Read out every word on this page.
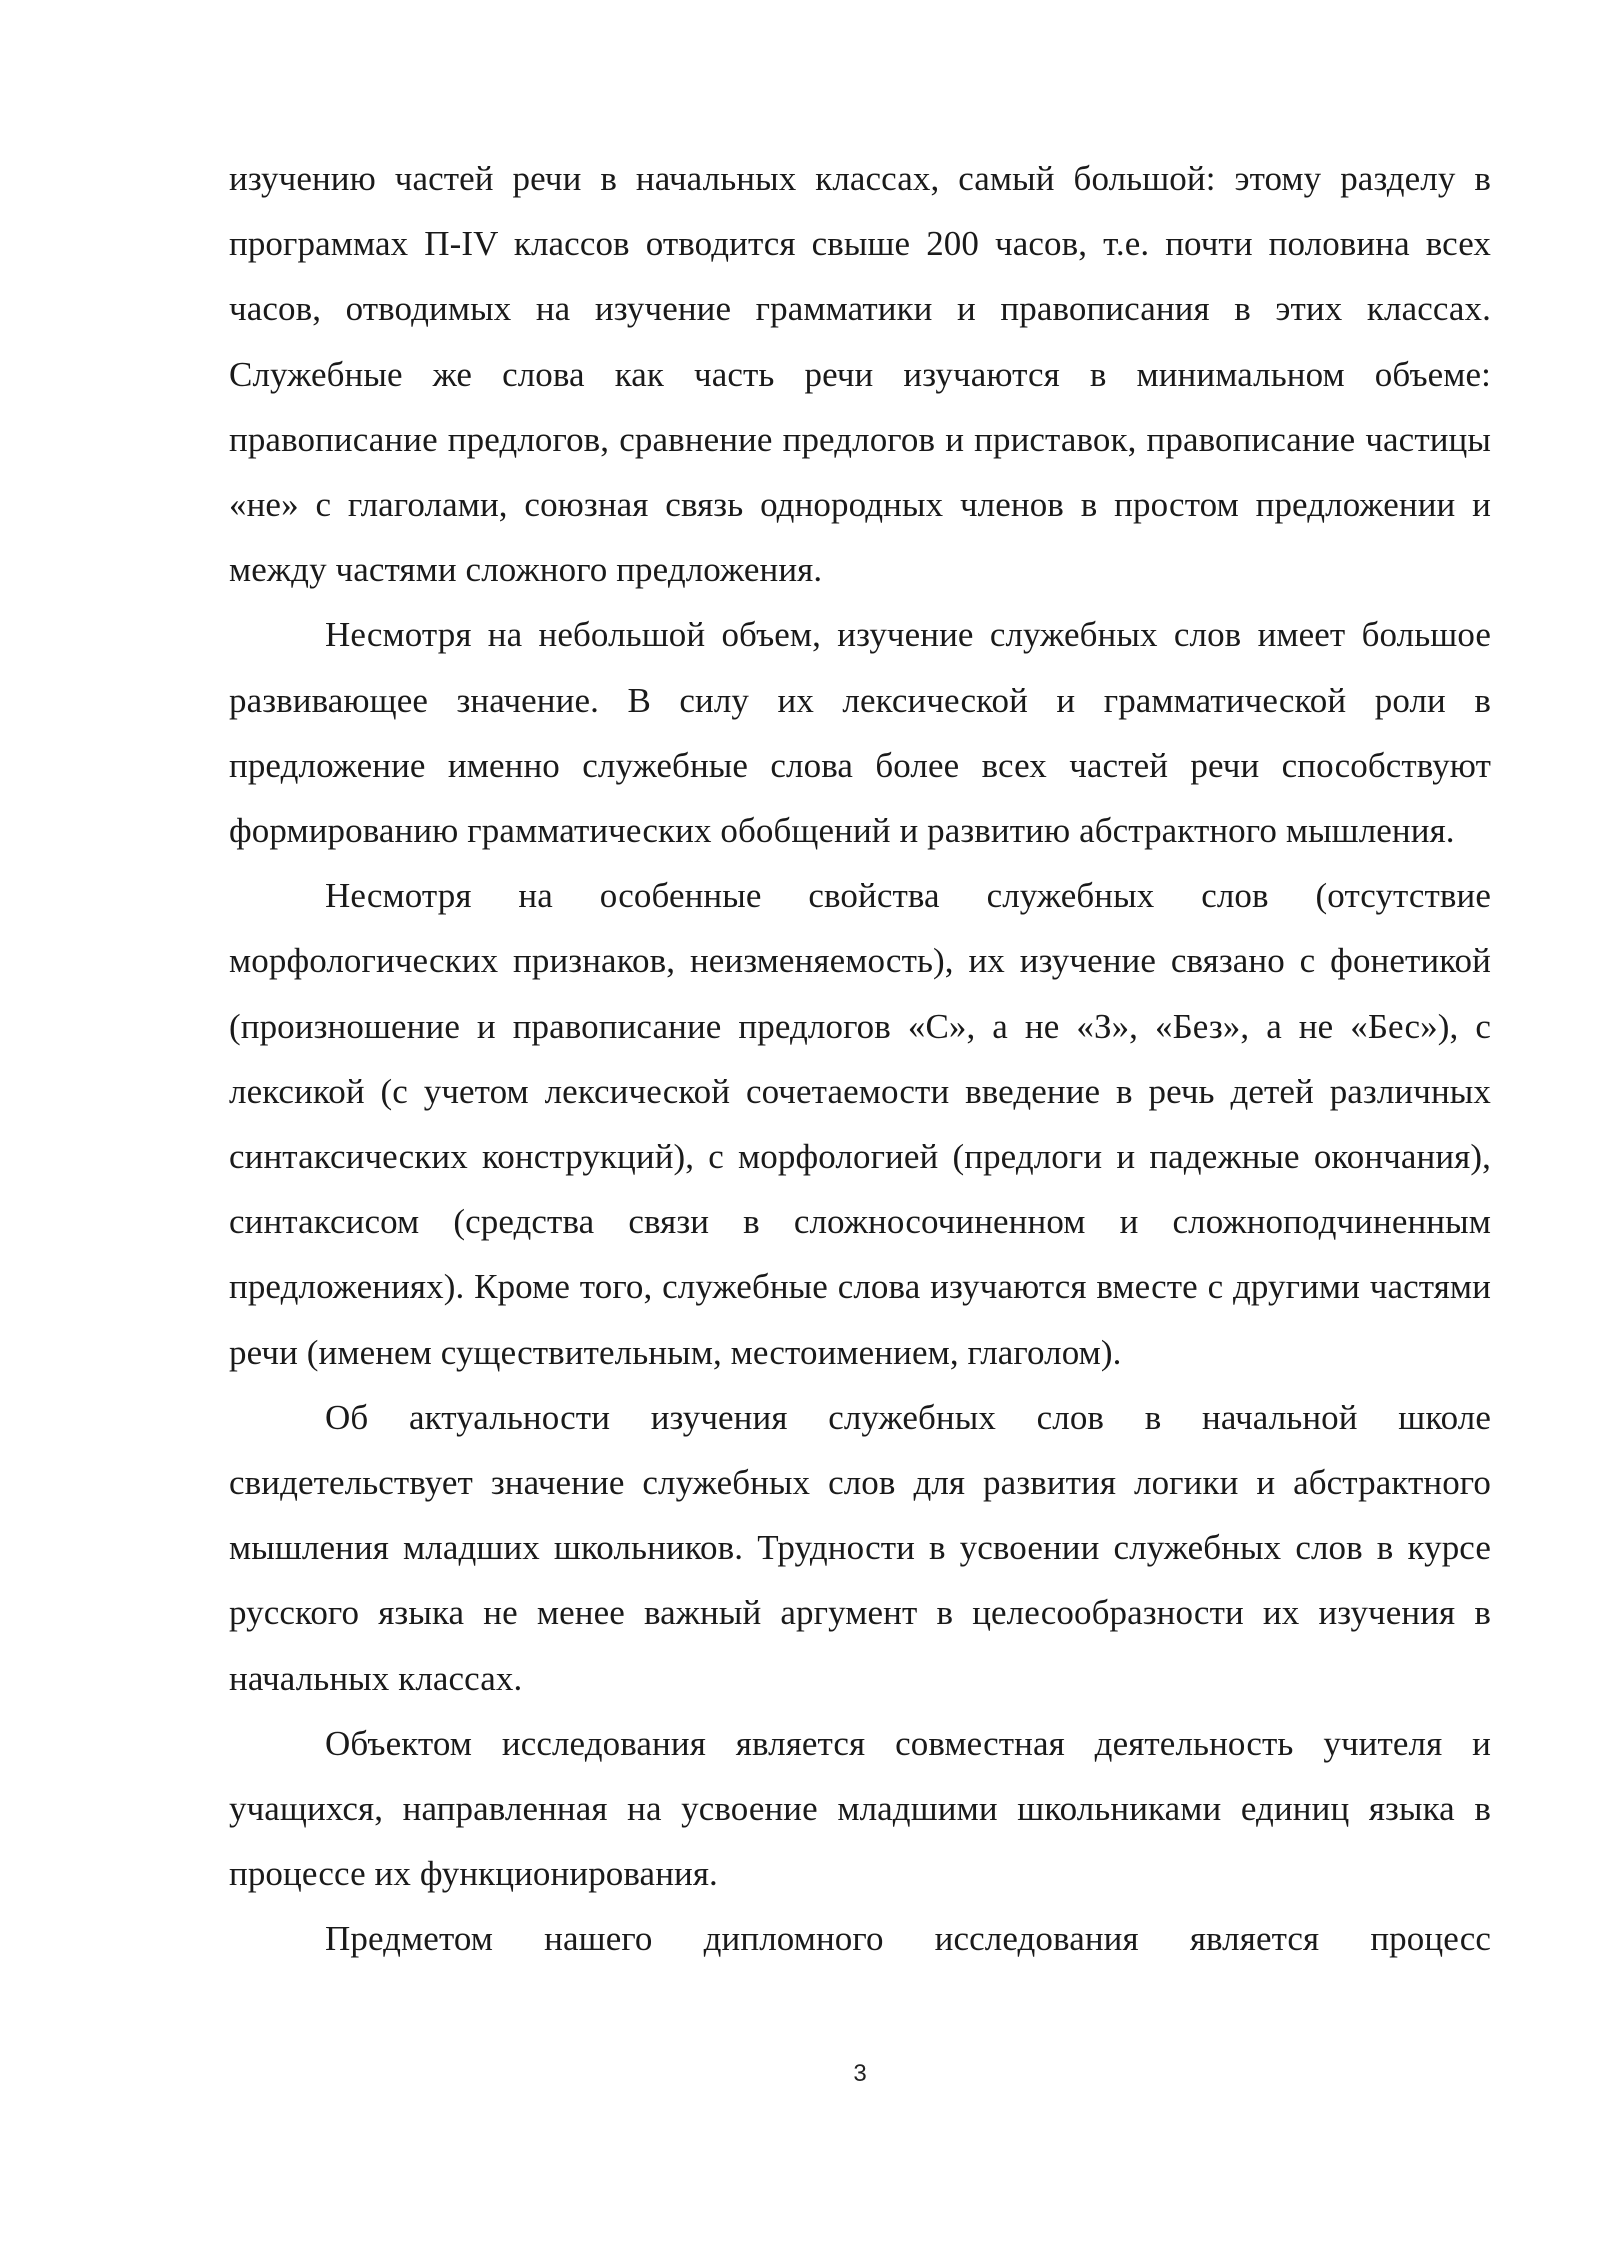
изучению частей речи в начальных классах, самый большой: этому разделу в программах П-IV классов отводится свыше 200 часов, т.е. почти половина всех часов, отводимых на изучение грамматики и правописания в этих классах. Служебные же слова как часть речи изучаются в минимальном объеме: правописание предлогов, сравнение предлогов и приставок, правописание частицы «не» с глаголами, союзная связь однородных членов в простом предложении и между частями сложного предложения.

Несмотря на небольшой объем, изучение служебных слов имеет большое развивающее значение. В силу их лексической и грамматической роли в предложение именно служебные слова более всех частей речи способствуют формированию грамматических обобщений и развитию абстрактного мышления.

Несмотря на особенные свойства служебных слов (отсутствие морфологических признаков, неизменяемость), их изучение связано с фонетикой (произношение и правописание предлогов «С», а не «З», «Без», а не «Бес»), с лексикой (с учетом лексической сочетаемости введение в речь детей различных синтаксических конструкций), с морфологией (предлоги и падежные окончания), синтаксисом (средства связи в сложносочиненном и сложноподчиненным предложениях). Кроме того, служебные слова изучаются вместе с другими частями речи (именем существительным, местоимением, глаголом).

Об актуальности изучения служебных слов в начальной школе свидетельствует значение служебных слов для развития логики и абстрактного мышления младших школьников. Трудности в усвоении служебных слов в курсе русского языка не менее важный аргумент в целесообразности их изучения в начальных классах.

Объектом исследования является совместная деятельность учителя и учащихся, направленная на усвоение младшими школьниками единиц языка в процессе их функционирования.

Предметом нашего дипломного исследования является процесс

3
